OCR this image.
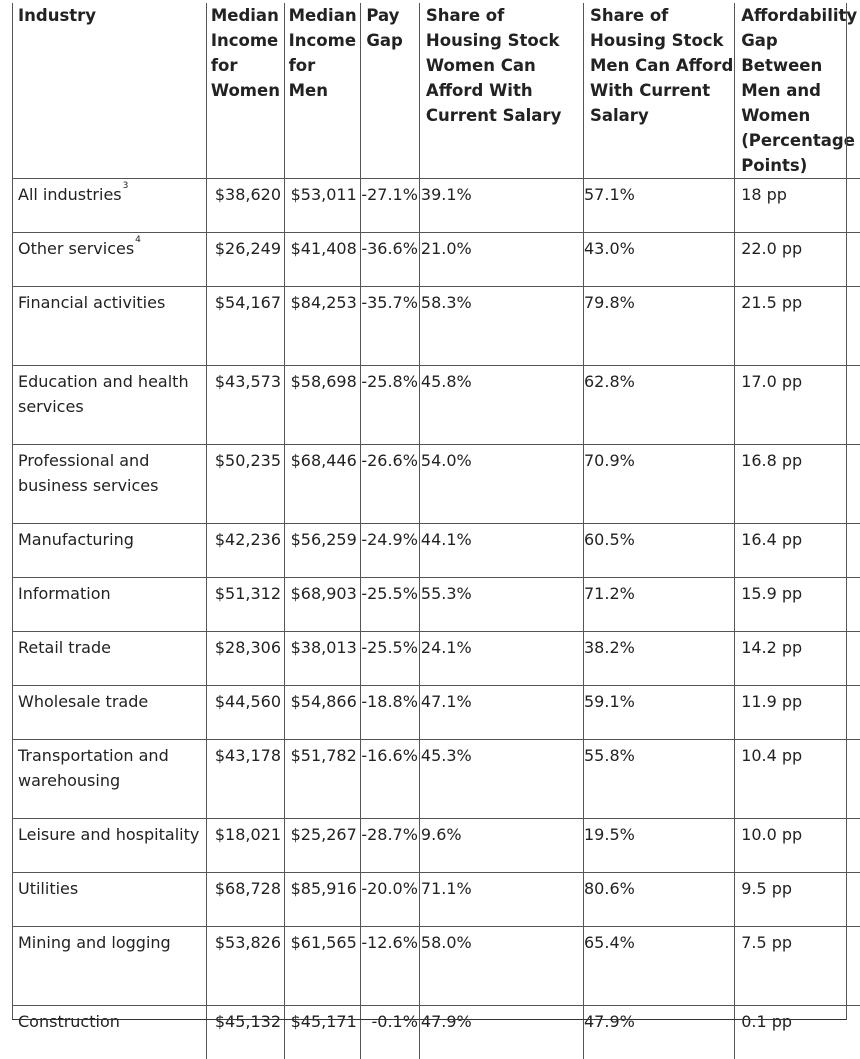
Industry	Median Income for Women	Median Income for Men	Pay Gap	Share of Housing Stock Women Can Afford With Current Salary	Share of Housing Stock Men Can Afford With Current Salary	Affordability Gap Between Men and Women (Percentage Points)
All industries$^3$	$38,620	$53,011	-27.1%	39.1%	57.1%	18 pp
Other services$^4$	$26,249	$41,408	-36.6%	21.0%	43.0%	22.0 pp
Financial activities	$54,167	$84,253	-35.7%	58.3%	79.8%	21.5 pp
Education and health services	$43,573	$58,698	-25.8%	45.8%	62.8%	17.0 pp
Professional and business services	$50,235	$68,446	-26.6%	54.0%	70.9%	16.8 pp
Manufacturing	$42,236	$56,259	-24.9%	44.1%	60.5%	16.4 pp
Information	$51,312	$68,903	-25.5%	55.3%	71.2%	15.9 pp
Retail trade	$28,306	$38,013	-25.5%	24.1%	38.2%	14.2 pp
Wholesale trade	$44,560	$54,866	-18.8%	47.1%	59.1%	11.9 pp
Transportation and warehousing	$43,178	$51,782	-16.6%	45.3%	55.8%	10.4 pp
Leisure and hospitality	$18,021	$25,267	-28.7%	9.6%	19.5%	10.0 pp
Utilities	$68,728	$85,916	-20.0%	71.1%	80.6%	9.5 pp
Mining and logging	$53,826	$61,565	-12.6%	58.0%	65.4%	7.5 pp
Construction	$45,132	$45,171	-0.1%	47.9%	47.9%	0.1 pp
